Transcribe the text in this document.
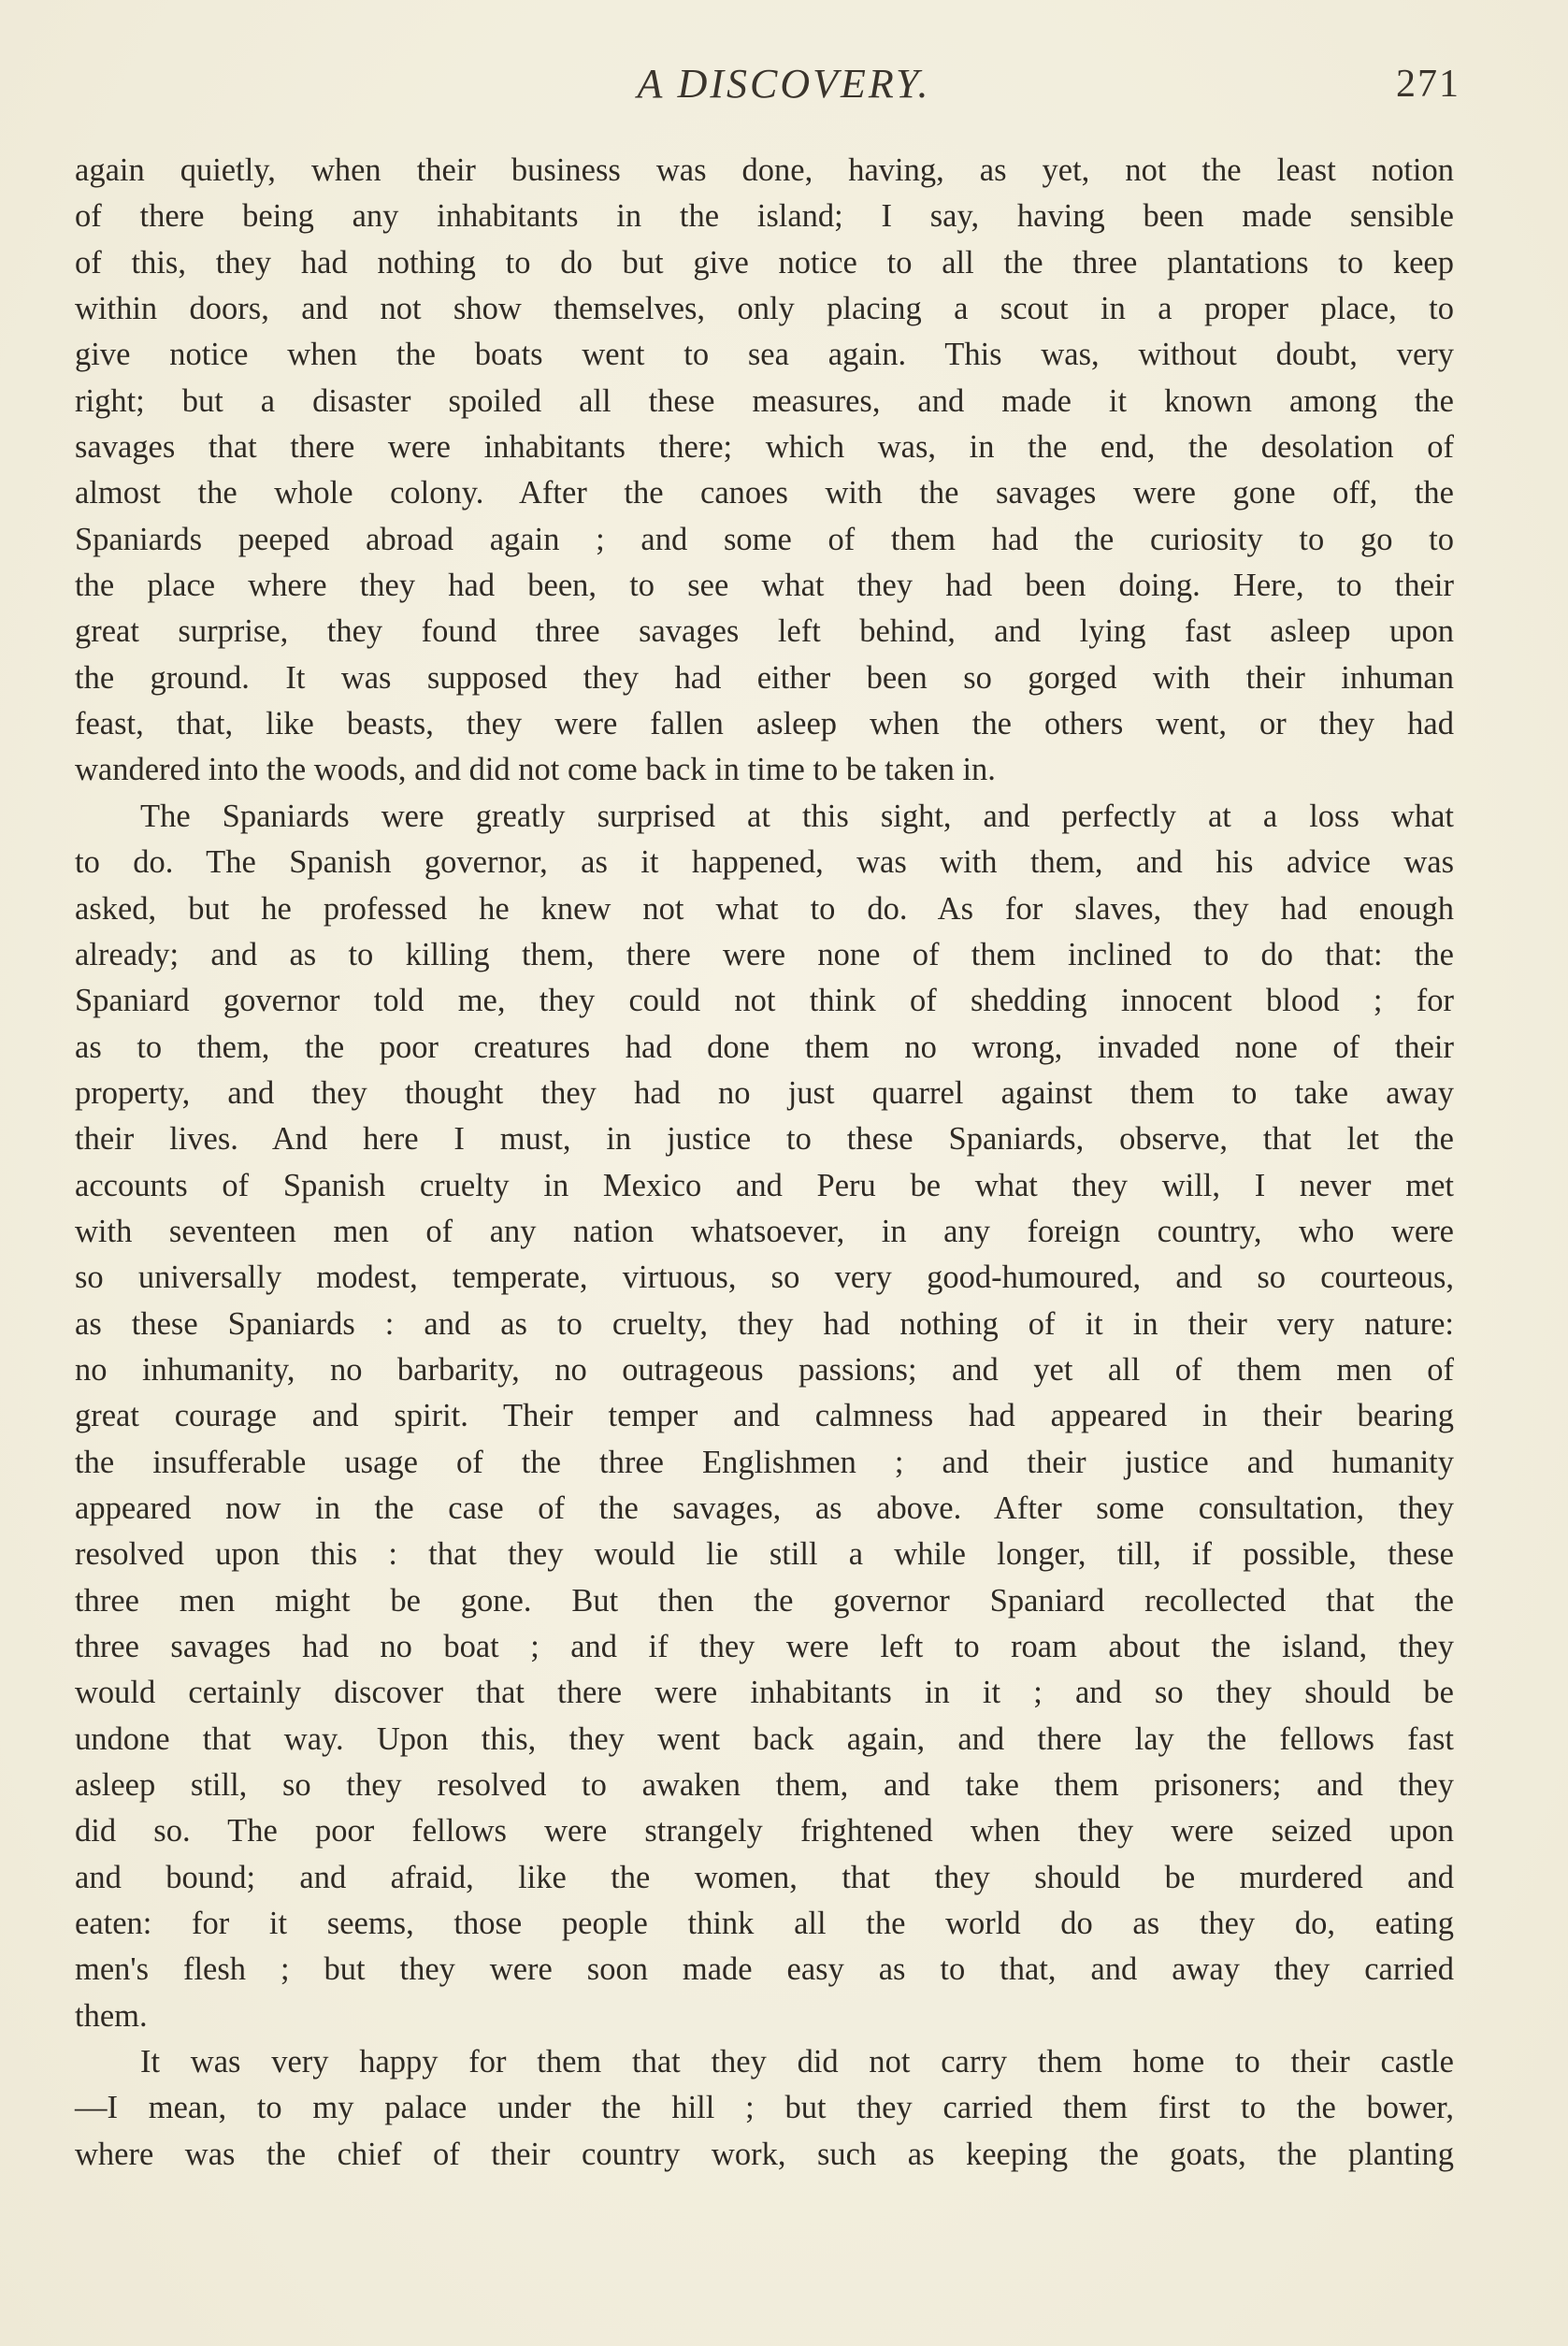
A DISCOVERY.	271
again quietly, when their business was done, having, as yet, not the least notion
of there being any inhabitants in the island; I say, having been made sensible
of this, they had nothing to do but give notice to all the three plantations to keep
within doors, and not show themselves, only placing a scout in a proper place, to
give notice when the boats went to sea again. This was, without doubt, very
right; but a disaster spoiled all these measures, and made it known among the
savages that there were inhabitants there; which was, in the end, the desolation of
almost the whole colony. After the canoes with the savages were gone off, the
Spaniards peeped abroad again ; and some of them had the curiosity to go to
the place where they had been, to see what they had been doing. Here, to their
great surprise, they found three savages left behind, and lying fast asleep upon
the ground. It was supposed they had either been so gorged with their inhuman
feast, that, like beasts, they were fallen asleep when the others went, or they had
wandered into the woods, and did not come back in time to be taken in.
The Spaniards were greatly surprised at this sight, and perfectly at a loss what
to do. The Spanish governor, as it happened, was with them, and his advice was
asked, but he professed he knew not what to do. As for slaves, they had enough
already; and as to killing them, there were none of them inclined to do that: the
Spaniard governor told me, they could not think of shedding innocent blood ; for
as to them, the poor creatures had done them no wrong, invaded none of their
property, and they thought they had no just quarrel against them to take away
their lives. And here I must, in justice to these Spaniards, observe, that let the
accounts of Spanish cruelty in Mexico and Peru be what they will, I never met
with seventeen men of any nation whatsoever, in any foreign country, who were
so universally modest, temperate, virtuous, so very good-humoured, and so courteous,
as these Spaniards : and as to cruelty, they had nothing of it in their very nature:
no inhumanity, no barbarity, no outrageous passions; and yet all of them men of
great courage and spirit. Their temper and calmness had appeared in their bearing
the insufferable usage of the three Englishmen ; and their justice and humanity
appeared now in the case of the savages, as above. After some consultation, they
resolved upon this : that they would lie still a while longer, till, if possible, these
three men might be gone. But then the governor Spaniard recollected that the
three savages had no boat ; and if they were left to roam about the island, they
would certainly discover that there were inhabitants in it ; and so they should be
undone that way. Upon this, they went back again, and there lay the fellows fast
asleep still, so they resolved to awaken them, and take them prisoners; and they
did so. The poor fellows were strangely frightened when they were seized upon
and bound; and afraid, like the women, that they should be murdered and
eaten: for it seems, those people think all the world do as they do, eating
men's flesh ; but they were soon made easy as to that, and away they carried
them.
It was very happy for them that they did not carry them home to their castle
—I mean, to my palace under the hill ; but they carried them first to the bower,
where was the chief of their country work, such as keeping the goats, the planting
